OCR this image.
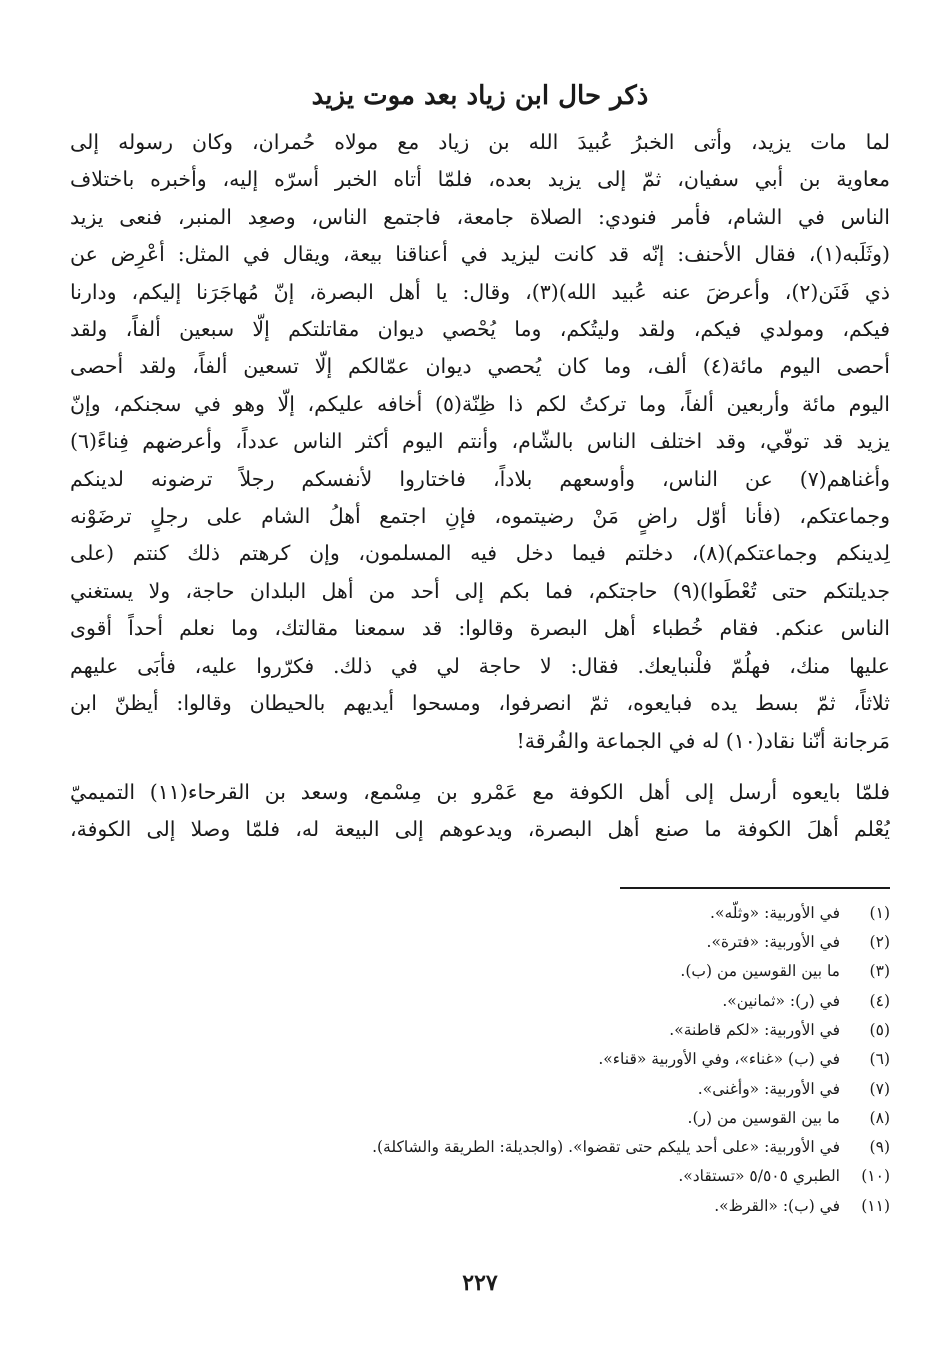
ذكر حال ابن زياد بعد موت يزيد

لما مات يزيد، وأتى الخبرُ عُبيدَ الله بن زياد مع مولاه حُمران، وكان رسوله إلى
معاوية بن أبي سفيان، ثمّ إلى يزيد بعده، فلمّا أتاه الخبر أسرّه إليه، وأخبره باختلاف
الناس في الشام، فأمر فنودي: الصلاة جامعة، فاجتمع الناس، وصعِد المنبر، فنعى يزيد
(وثَلَبه(١)، فقال الأحنف: إنّه قد كانت ليزيد في أعناقنا بيعة، ويقال في المثل: أعْرِض عن
ذي فَنَن(٢)، وأعرضَ عنه عُبيد الله)(٣)، وقال: يا أهل البصرة، إنّ مُهاجَرَنا إليكم، ودارنا
فيكم، ومولدي فيكم، ولقد وليتُكم، وما يُحْصي ديوان مقاتلتكم إلّا سبعين ألفاً، ولقد
أحصى اليوم مائة(٤) ألف، وما كان يُحصي ديوان عمّالكم إلّا تسعين ألفاً، ولقد أحصى
اليوم مائة وأربعين ألفاً، وما تركتُ لكم ذا ظِنّة(٥) أخافه عليكم، إلّا وهو في سجنكم، وإنّ
يزيد قد توفّي، وقد اختلف الناس بالشّام، وأنتم اليوم أكثر الناس عدداً، وأعرضهم فِناءً(٦)
وأغناهم(٧) عن الناس، وأوسعهم بلاداً، فاختاروا لأنفسكم رجلاً ترضونه لدينكم
وجماعتكم، (فأنا أوّل راضٍ مَنْ رضيتموه، فإنِ اجتمع أهلُ الشام على رجلٍ ترضَوْنه
لِدينكم وجماعتكم)(٨)، دخلتم فيما دخل فيه المسلمون، وإن كرهتم ذلك كنتم (على
جديلتكم حتى تُعْطَوا)(٩) حاجتكم، فما بكم إلى أحد من أهل البلدان حاجة، ولا يستغني
الناس عنكم. فقام خُطباء أهل البصرة وقالوا: قد سمعنا مقالتك، وما نعلم أحداً أقوى
عليها منك، فهلُمّ فلْنبايعك. فقال: لا حاجة لي في ذلك. فكرّروا عليه، فأبَى عليهم
ثلاثاً، ثمّ بسط يده فبايعوه، ثمّ انصرفوا، ومسحوا أيديهم بالحيطان وقالوا: أيظنّ ابن
مَرجانة أنّنا نقاد(١٠) له في الجماعة والفُرقة!

فلمّا بايعوه أرسل إلى أهل الكوفة مع عَمْرو بن مِسْمع، وسعد بن القرحاء(١١) التميميّ
يُعْلم أهلَ الكوفة ما صنع أهل البصرة، ويدعوهم إلى البيعة له، فلمّا وصلا إلى الكوفة،

(١)
في الأوربية: «وثلّه».
(٢)
في الأوربية: «فترة».
(٣)
ما بين القوسين من (ب).
(٤)
في (ر): «ثمانين».
(٥)
في الأوربية: «لكم قاطنة».
(٦)
في (ب) «غناء»، وفي الأوربية «قناء».
(٧)
في الأوربية: «وأغنى».
(٨)
ما بين القوسين من (ر).
(٩)
في الأوربية: «على أحد يليكم حتى تقضوا». (والجديلة: الطريقة والشاكلة).
(١٠)
الطبري ٥/٥٠٥ «تستقاد».
(١١)
في (ب): «القرظ».
٢٢٧
